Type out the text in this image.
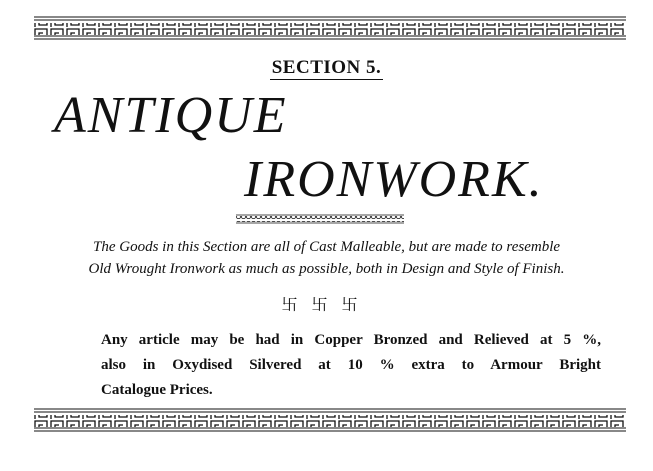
SECTION 5.
ANTIQUE
IRONWORK.
The Goods in this Section are all of Cast Malleable, but are made to resemble
Old Wrought Ironwork as much as possible, both in Design and Style of Finish.
卐卐卐
Any article may be had in Copper Bronzed and Relieved at 5 %,
also in Oxydised Silvered at 10 % extra to Armour Bright
Catalogue Prices.
